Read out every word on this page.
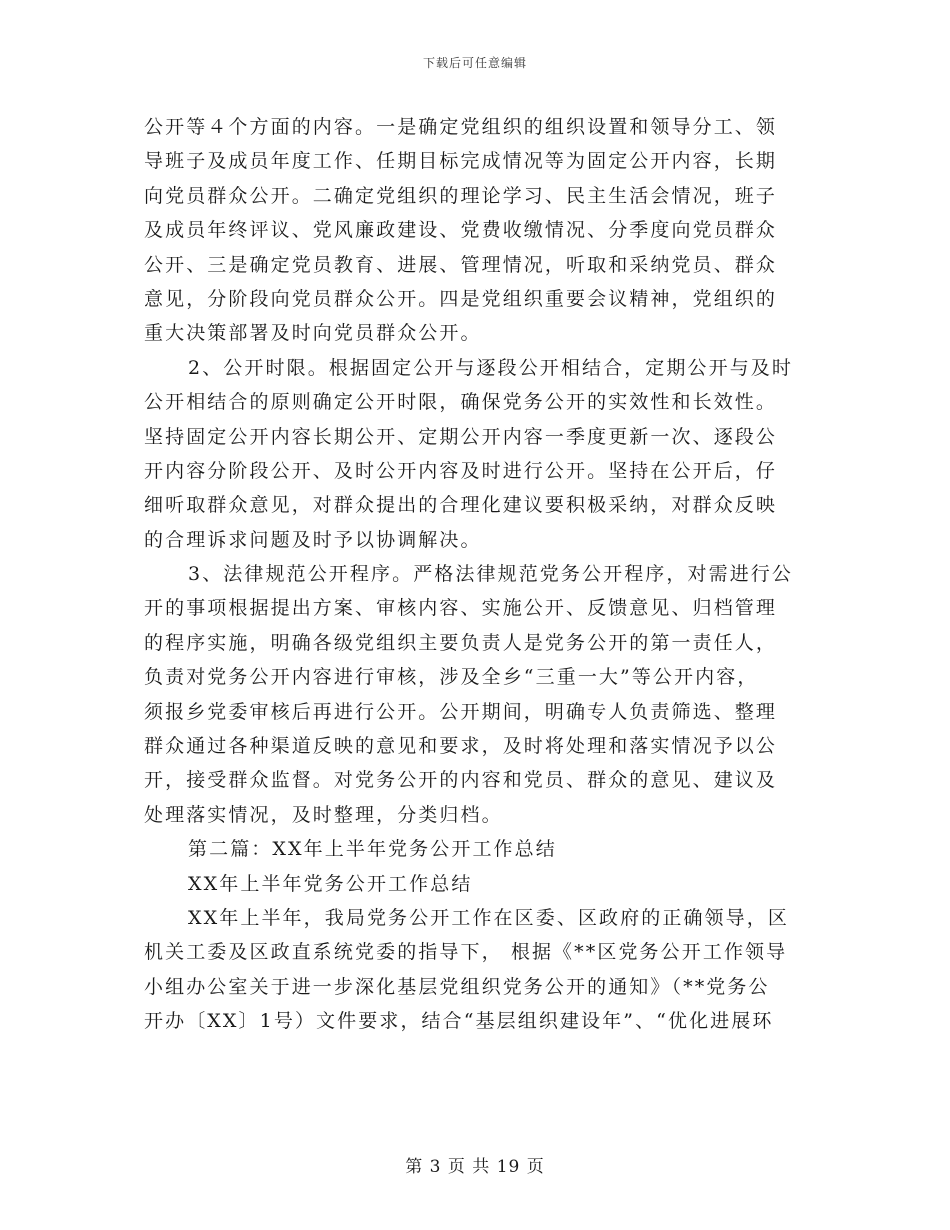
下载后可任意编辑
公开等４个方面的内容。一是确定党组织的组织设置和领导分工、领
导班子及成员年度工作、任期目标完成情况等为固定公开内容，长期
向党员群众公开。二确定党组织的理论学习、民主生活会情况，班子
及成员年终评议、党风廉政建设、党费收缴情况、分季度向党员群众
公开、三是确定党员教育、进展、管理情况，听取和采纳党员、群众
意见，分阶段向党员群众公开。四是党组织重要会议精神，党组织的
重大决策部署及时向党员群众公开。
2、公开时限。根据固定公开与逐段公开相结合，定期公开与及时
公开相结合的原则确定公开时限，确保党务公开的实效性和长效性。
坚持固定公开内容长期公开、定期公开内容一季度更新一次、逐段公
开内容分阶段公开、及时公开内容及时进行公开。坚持在公开后，仔
细听取群众意见，对群众提出的合理化建议要积极采纳，对群众反映
的合理诉求问题及时予以协调解决。
3、法律规范公开程序。严格法律规范党务公开程序，对需进行公
开的事项根据提出方案、审核内容、实施公开、反馈意见、归档管理
的程序实施，明确各级党组织主要负责人是党务公开的第一责任人，
负责对党务公开内容进行审核，涉及全乡“三重一大”等公开内容，
须报乡党委审核后再进行公开。公开期间，明确专人负责筛选、整理
群众通过各种渠道反映的意见和要求，及时将处理和落实情况予以公
开，接受群众监督。对党务公开的内容和党员、群众的意见、建议及
处理落实情况，及时整理，分类归档。
第二篇：XX年上半年党务公开工作总结
XX年上半年党务公开工作总结
XX年上半年，我局党务公开工作在区委、区政府的正确领导，区
机关工委及区政直系统党委的指导下， 根据《**区党务公开工作领导
小组办公室关于进一步深化基层党组织党务公开的通知》（**党务公
开办〔XX〕1号）文件要求，结合“基层组织建设年”、“优化进展环
第 3 页 共 19 页
